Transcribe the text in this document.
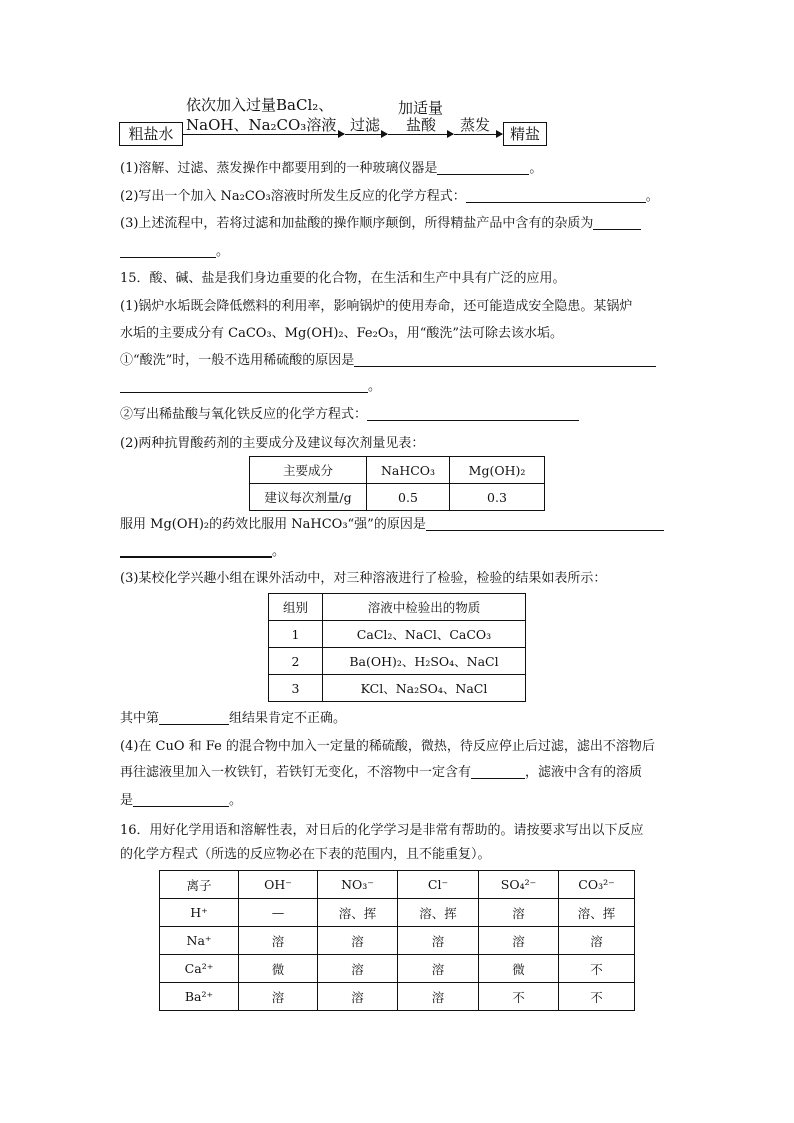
粗盐水
依次加入过量BaCl₂、
NaOH、Na₂CO₃溶液 过滤
加适量
盐酸 蒸发	精盐
(1)溶解、过滤、蒸发操作中都要用到的一种玻璃仪器是	。
(2)写出一个加入 Na₂CO₃溶液时所发生反应的化学方程式：	。
(3)上述流程中，若将过滤和加盐酸的操作顺序颠倒，所得精盐产品中含有的杂质为
。
15．酸、碱、盐是我们身边重要的化合物，在生活和生产中具有广泛的应用。
(1)锅炉水垢既会降低燃料的利用率，影响锅炉的使用寿命，还可能造成安全隐患。某锅炉
水垢的主要成分有 CaCO₃、Mg(OH)₂、Fe₂O₃，用“酸洗”法可除去该水垢。
①“酸洗”时，一般不选用稀硫酸的原因是
。
②写出稀盐酸与氧化铁反应的化学方程式：
(2)两种抗胃酸药剂的主要成分及建议每次剂量见表：
主要成分	NaHCO₃	Mg(OH)₂
建议每次剂量/g	0.5	0.3
服用 Mg(OH)₂的药效比服用 NaHCO₃“强”的原因是
。
(3)某校化学兴趣小组在课外活动中，对三种溶液进行了检验，检验的结果如表所示：
组别	溶液中检验出的物质
1	CaCl₂、NaCl、CaCO₃
2	Ba(OH)₂、H₂SO₄、NaCl
3	KCl、Na₂SO₄、NaCl
其中第	组结果肯定不正确。
(4)在 CuO 和 Fe 的混合物中加入一定量的稀硫酸，微热，待反应停止后过滤，滤出不溶物后
再往滤液里加入一枚铁钉，若铁钉无变化，不溶物中一定含有	，滤液中含有的溶质
是	。
16．用好化学用语和溶解性表，对日后的化学学习是非常有帮助的。请按要求写出以下反应
的化学方程式（所选的反应物必在下表的范围内，且不能重复）。
离子	OH⁻	NO₃⁻	Cl⁻	SO₄²⁻	CO₃²⁻
H⁺	—	溶、挥	溶、挥	溶	溶、挥
Na⁺	溶	溶	溶	溶	溶
Ca²⁺	微	溶	溶	微	不
Ba²⁺	溶	溶	溶	不	不
